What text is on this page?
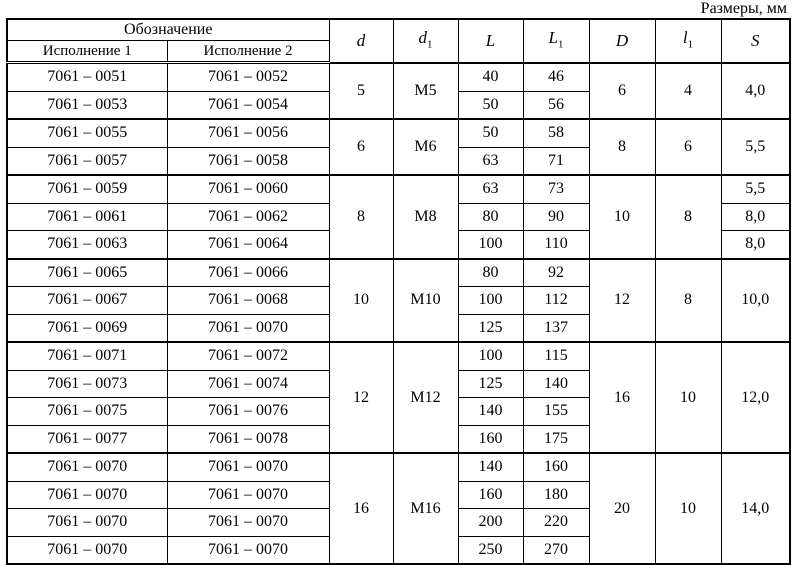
Размеры, мм
Обозначение		d	$d_1$	L	$L_1$	D	$l_1$	S
Исполнение 1	Исполнение 2							
7061 – 0051	7061 – 0052	5	M5	40	46	6	4	4,0
7061 – 0053	7061 – 0054			50	56			
7061 – 0055	7061 – 0056	6	M6	50	58	8	6	5,5
7061 – 0057	7061 – 0058			63	71			
7061 – 0059	7061 – 0060	8	M8	63	73	10	8	5,5
7061 – 0061	7061 – 0062			80	90			8,0
7061 – 0063	7061 – 0064			100	110			8,0
7061 – 0065	7061 – 0066	10	M10	80	92	12	8	10,0
7061 – 0067	7061 – 0068			100	112			
7061 – 0069	7061 – 0070			125	137			
7061 – 0071	7061 – 0072	12	M12	100	115	16	10	12,0
7061 – 0073	7061 – 0074			125	140			
7061 – 0075	7061 – 0076			140	155			
7061 – 0077	7061 – 0078			160	175			
7061 – 0070	7061 – 0070	16	M16	140	160	20	10	14,0
7061 – 0070	7061 – 0070			160	180			
7061 – 0070	7061 – 0070			200	220			
7061 – 0070	7061 – 0070			250	270			
